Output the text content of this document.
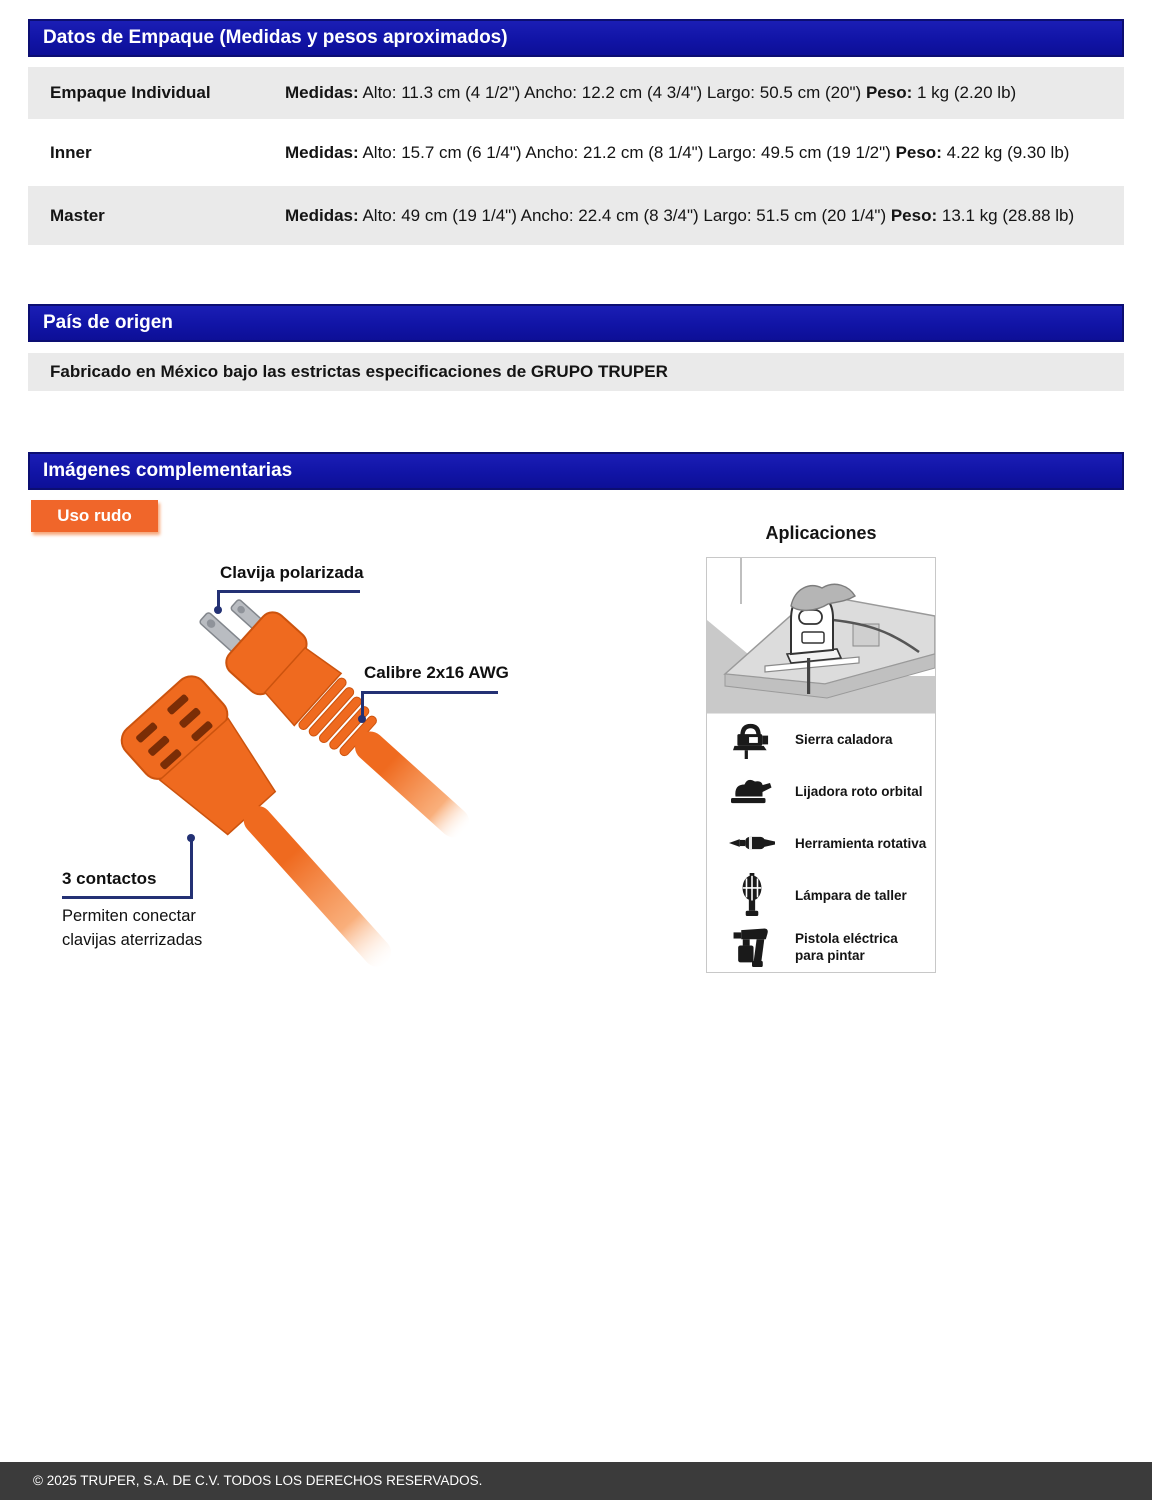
Datos de Empaque (Medidas y pesos aproximados)
Empaque Individual	Medidas: Alto: 11.3 cm (4 1/2") Ancho: 12.2 cm (4 3/4") Largo: 50.5 cm (20") Peso: 1 kg (2.20 lb)
Inner	Medidas: Alto: 15.7 cm (6 1/4") Ancho: 21.2 cm (8 1/4") Largo: 49.5 cm (19 1/2") Peso: 4.22 kg (9.30 lb)
Master	Medidas: Alto: 49 cm (19 1/4") Ancho: 22.4 cm (8 3/4") Largo: 51.5 cm (20 1/4") Peso: 13.1 kg (28.88 lb)
País de origen
Fabricado en México bajo las estrictas especificaciones de GRUPO TRUPER
Imágenes complementarias
Uso rudo
Clavija polarizada
Calibre 2x16 AWG
3 contactos
Permiten conectar
clavijas aterrizadas
Aplicaciones
Sierra caladora
Lijadora roto orbital
Herramienta rotativa
Lámpara de taller
Pistola eléctrica para pintar
© 2025 TRUPER, S.A. DE C.V. TODOS LOS DERECHOS RESERVADOS.
